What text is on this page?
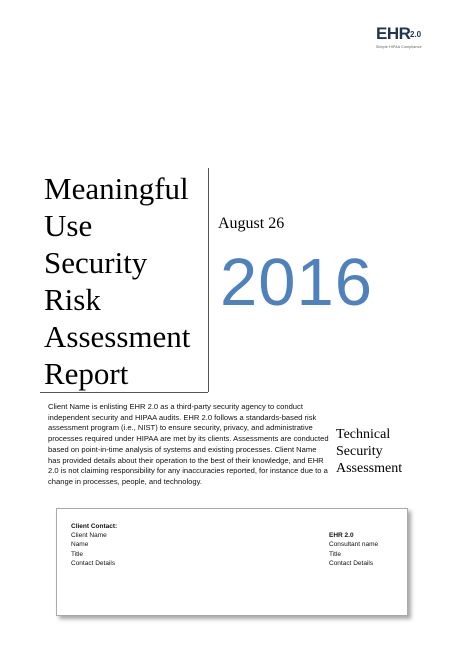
EHR 2.0
Simple HIPAA Compliance
Meaningful
Use
Security
Risk
Assessment
Report
August 26
2016
Client Name is enlisting EHR 2.0 as a third-party security agency to conduct independent security and HIPAA audits. EHR 2.0 follows a standards-based risk assessment program (i.e., NIST) to ensure security, privacy, and administrative processes required under HIPAA are met by its clients. Assessments are conducted based on point-in-time analysis of systems and existing processes. Client Name has provided details about their operation to the best of their knowledge, and EHR 2.0 is not claiming responsibility for any inaccuracies reported, for instance due to a change in processes, people, and technology.
Technical
Security
Assessment
Client Contact:
Client Name
Name
Title
Contact Details
EHR 2.0
Consultant name
Title
Contact Details
